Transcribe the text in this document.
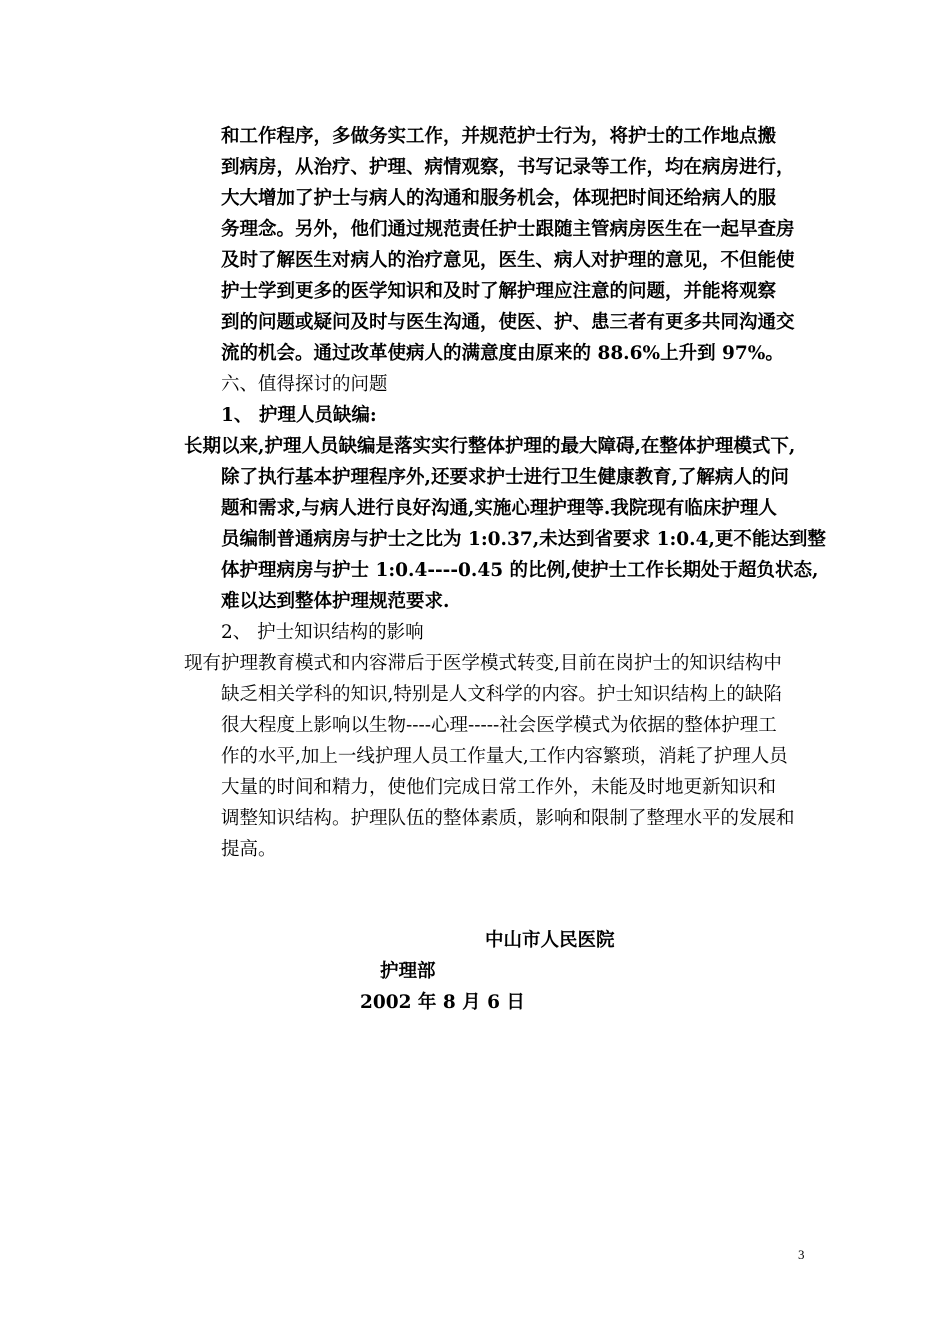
和工作程序，多做务实工作，并规范护士行为，将护士的工作地点搬
到病房，从治疗、护理、病情观察，书写记录等工作，均在病房进行，
大大增加了护士与病人的沟通和服务机会，体现把时间还给病人的服
务理念。另外，他们通过规范责任护士跟随主管病房医生在一起早查房
及时了解医生对病人的治疗意见，医生、病人对护理的意见，不但能使
护士学到更多的医学知识和及时了解护理应注意的问题，并能将观察
到的问题或疑问及时与医生沟通，使医、护、患三者有更多共同沟通交
流的机会。通过改革使病人的满意度由原来的 88.6%上升到 97%。
六、值得探讨的问题
1、 护理人员缺编:
长期以来,护理人员缺编是落实实行整体护理的最大障碍,在整体护理模式下,
除了执行基本护理程序外,还要求护士进行卫生健康教育,了解病人的问
题和需求,与病人进行良好沟通,实施心理护理等.我院现有临床护理人
员编制普通病房与护士之比为 1:0.37,未达到省要求 1:0.4,更不能达到整
体护理病房与护士 1:0.4----0.45 的比例,使护士工作长期处于超负状态,
难以达到整体护理规范要求.
2、 护士知识结构的影响
现有护理教育模式和内容滞后于医学模式转变,目前在岗护士的知识结构中
缺乏相关学科的知识,特别是人文科学的内容。护士知识结构上的缺陷
很大程度上影响以生物----心理-----社会医学模式为依据的整体护理工
作的水平,加上一线护理人员工作量大,工作内容繁琐，消耗了护理人员
大量的时间和精力，使他们完成日常工作外，未能及时地更新知识和
调整知识结构。护理队伍的整体素质，影响和限制了整理水平的发展和
提高。
中山市人民医院
护理部
2002 年 8 月 6 日
3
